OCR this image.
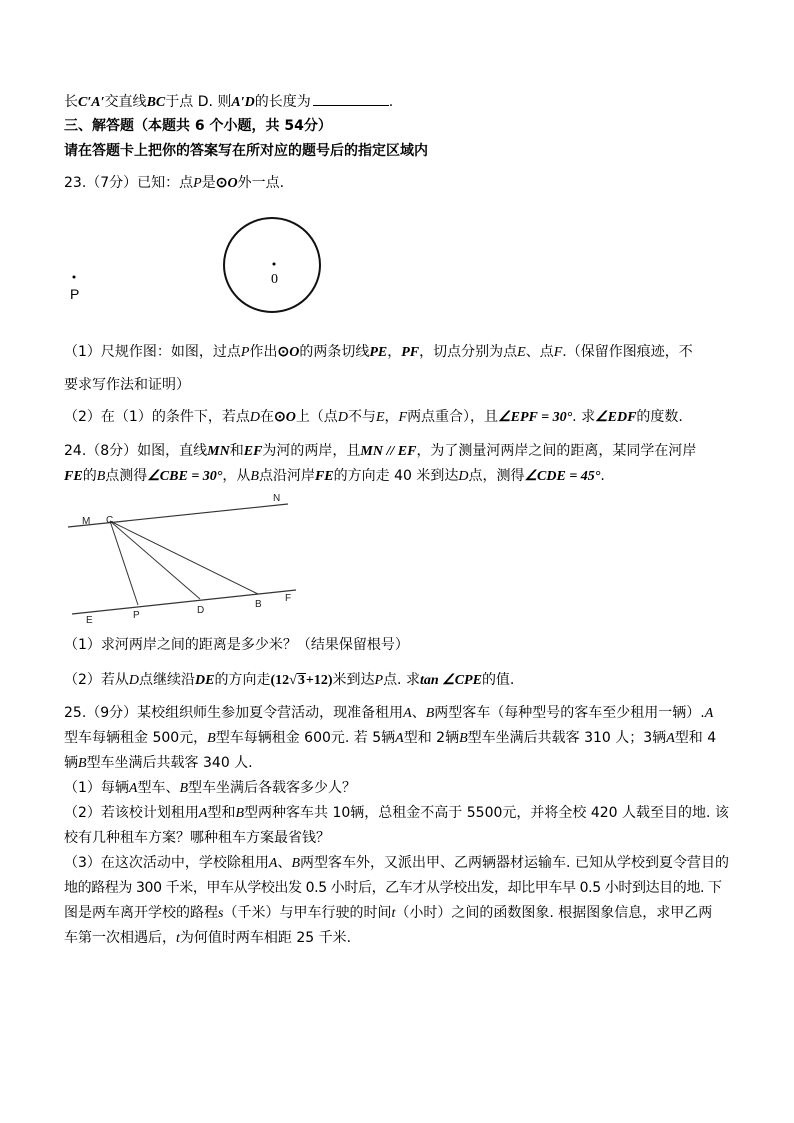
长C′A′交直线BC于点 D. 则A′D的长度为	.
三、解答题（本题共 6 个小题，共 54分）
请在答题卡上把你的答案写在所对应的题号后的指定区域内
23.（7分）已知：点P是⊙O外一点.
P
0
（1）尺规作图：如图，过点P作出⊙O的两条切线PE，PF，切点分别为点E、点F.（保留作图痕迹，不
要求写作法和证明）
（2）在（1）的条件下，若点D在⊙O上（点D不与E，F两点重合），且∠EPF = 30°. 求∠EDF的度数.
24.（8分）如图，直线MN和EF为河的两岸，且MN // EF，为了测量河两岸之间的距离，某同学在河岸
FE的B点测得∠CBE = 30°，从B点沿河岸FE的方向走 40 米到达D点，测得∠CDE = 45°.
M C
N
E	P	D
B
F
（1）求河两岸之间的距离是多少米？（结果保留根号）
（2）若从D点继续沿DE的方向走(12√3+12)米到达P点. 求tan ∠CPE的值.
25.（9分）某校组织师生参加夏令营活动，现准备租用A、B两型客车（每种型号的客车至少租用一辆）.A
型车每辆租金 500元，B型车每辆租金 600元. 若 5辆A型和 2辆B型车坐满后共载客 310 人；3辆A型和 4
辆B型车坐满后共载客 340 人.
（1）每辆A型车、B型车坐满后各载客多少人？
（2）若该校计划租用A型和B型两种客车共 10辆，总租金不高于 5500元，并将全校 420 人载至目的地. 该
校有几种租车方案？哪种租车方案最省钱？
（3）在这次活动中，学校除租用A、B两型客车外，又派出甲、乙两辆器材运输车. 已知从学校到夏令营目的
地的路程为 300 千米，甲车从学校出发 0.5 小时后，乙车才从学校出发，却比甲车早 0.5 小时到达目的地. 下
图是两车离开学校的路程s（千米）与甲车行驶的时间t（小时）之间的函数图象. 根据图象信息，求甲乙两
车第一次相遇后，t为何值时两车相距 25 千米.
